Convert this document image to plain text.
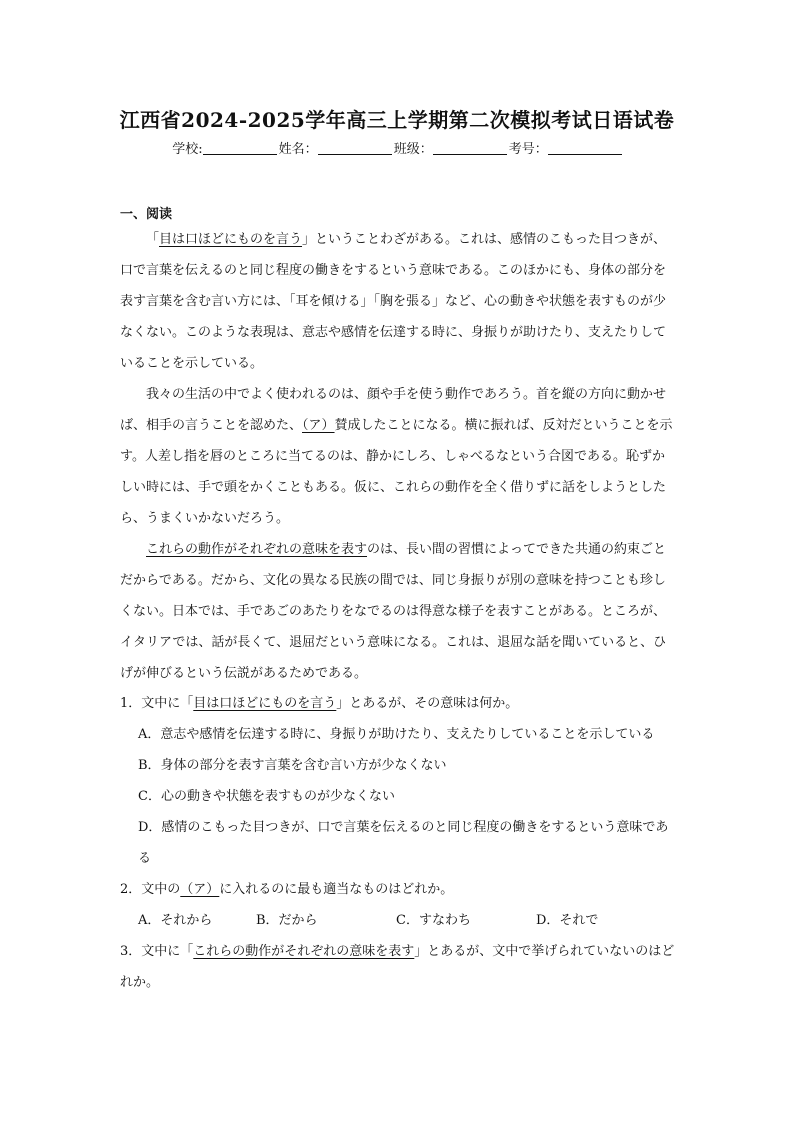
江西省2024-2025学年高三上学期第二次模拟考试日语试卷
学校:	姓名：	班级：	考号：
一、阅读

「目は口ほどにものを言う」ということわざがある。これは、感情のこもった目つきが、口で言葉を伝えるのと同じ程度の働きをするという意味である。このほかにも、身体の部分を表す言葉を含む言い方には、「耳を傾ける」「胸を張る」など、心の動きや状態を表すものが少なくない。このような表現は、意志や感情を伝達する時に、身振りが助けたり、支えたりしていることを示している。

我々の生活の中でよく使われるのは、顔や手を使う動作であろう。首を縦の方向に動かせば、相手の言うことを認めた、（ア）賛成したことになる。横に振れば、反対だということを示す。人差し指を唇のところに当てるのは、静かにしろ、しゃべるなという合図である。恥ずかしい時には、手で頭をかくこともある。仮に、これらの動作を全く借りずに話をしようとしたら、うまくいかないだろう。

これらの動作がそれぞれの意味を表すのは、長い間の習慣によってできた共通の約束ごとだからである。だから、文化の異なる民族の間では、同じ身振りが別の意味を持つことも珍しくない。日本では、手であごのあたりをなでるのは得意な様子を表すことがある。ところが、イタリアでは、話が長くて、退屈だという意味になる。これは、退屈な話を聞いていると、ひげが伸びるという伝説があるためである。

1．文中に「目は口ほどにものを言う」とあるが、その意味は何か。

A．意志や感情を伝達する時に、身振りが助けたり、支えたりしていることを示している

B．身体の部分を表す言葉を含む言い方が少なくない

C．心の動きや状態を表すものが少なくない

D．感情のこもった目つきが、口で言葉を伝えるのと同じ程度の働きをするという意味である

2．文中の（ア）に入れるのに最も適当なものはどれか。

A．それから	B．だから	C．すなわち	D．それで

3．文中に「これらの動作がそれぞれの意味を表す」とあるが、文中で挙げられていないのはどれか。
